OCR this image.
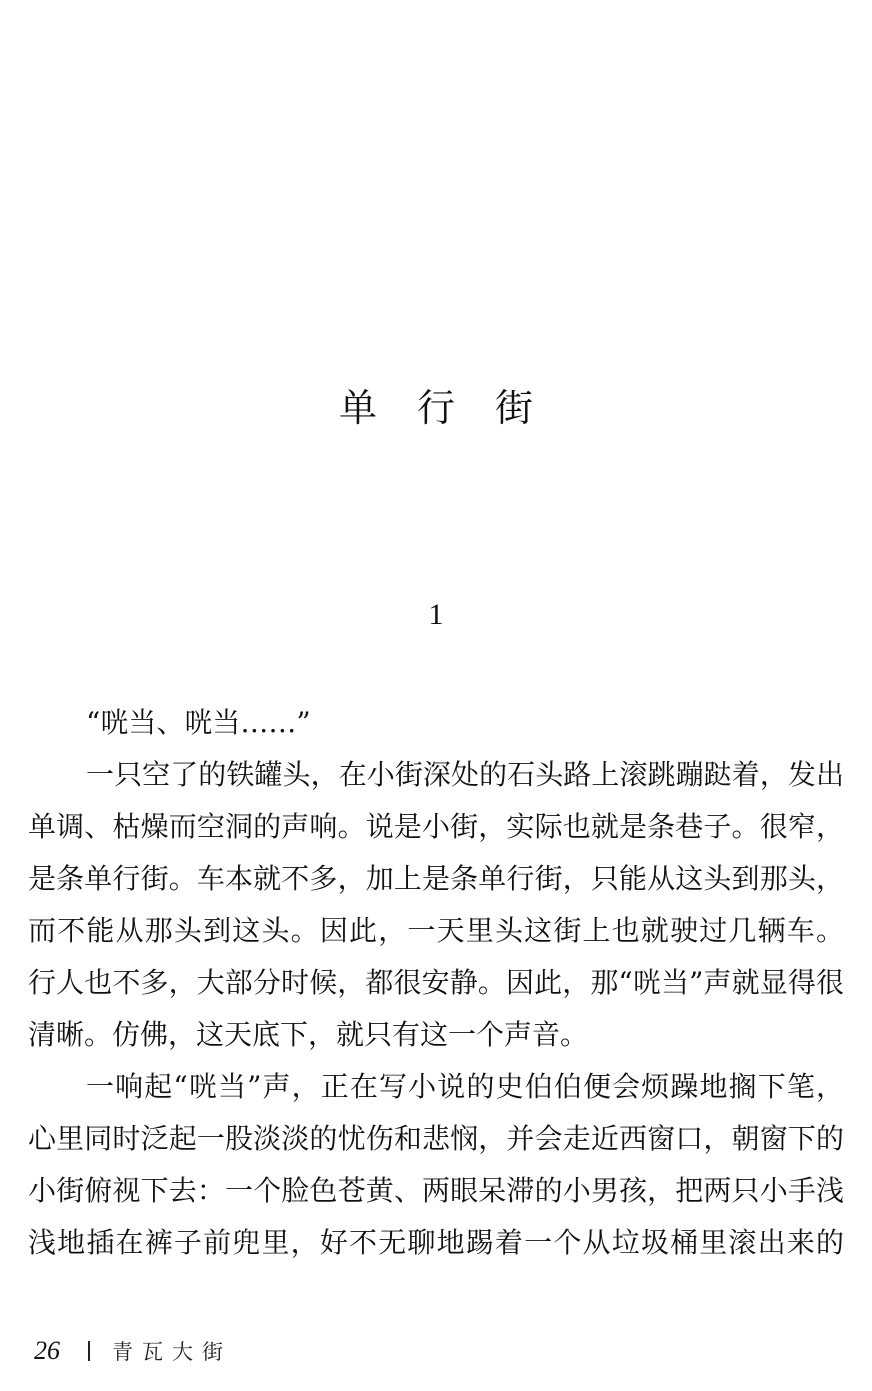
单行街
1
“咣当、咣当……”
一只空了的铁罐头，在小街深处的石头路上滚跳蹦跶着，发出
单调、枯燥而空洞的声响。说是小街，实际也就是条巷子。很窄，
是条单行街。车本就不多，加上是条单行街，只能从这头到那头，
而不能从那头到这头。因此，一天里头这街上也就驶过几辆车。
行人也不多，大部分时候，都很安静。因此，那“咣当”声就显得很
清晰。仿佛，这天底下，就只有这一个声音。
一响起“咣当”声，正在写小说的史伯伯便会烦躁地搁下笔，
心里同时泛起一股淡淡的忧伤和悲悯，并会走近西窗口，朝窗下的
小街俯视下去：一个脸色苍黄、两眼呆滞的小男孩，把两只小手浅
浅地插在裤子前兜里，好不无聊地踢着一个从垃圾桶里滚出来的
26 青瓦大街
